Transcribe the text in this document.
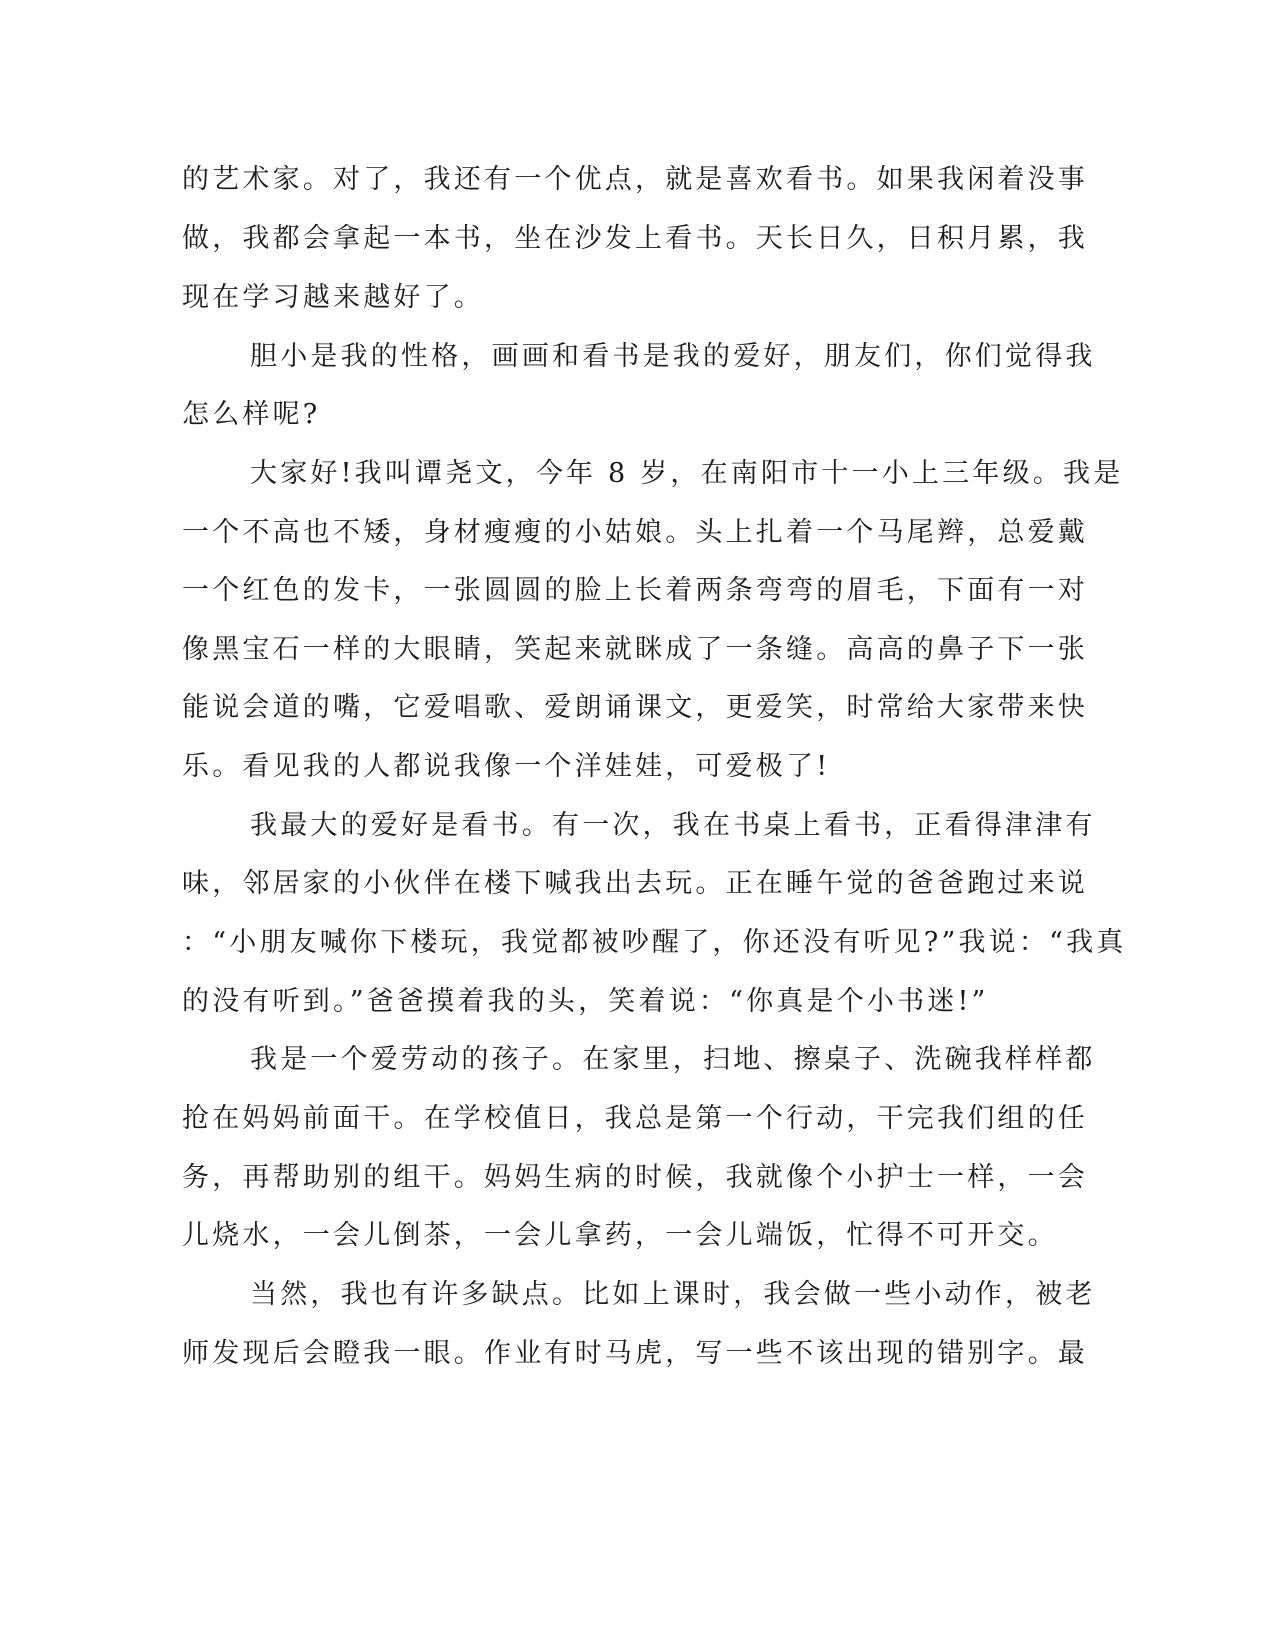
的艺术家。对了，我还有一个优点，就是喜欢看书。如果我闲着没事

做，我都会拿起一本书，坐在沙发上看书。天长日久，日积月累，我

现在学习越来越好了。

胆小是我的性格，画画和看书是我的爱好，朋友们，你们觉得我

怎么样呢?

大家好!我叫谭尧文，今年 8 岁，在南阳市十一小上三年级。我是

一个不高也不矮，身材瘦瘦的小姑娘。头上扎着一个马尾辫，总爱戴

一个红色的发卡，一张圆圆的脸上长着两条弯弯的眉毛，下面有一对

像黑宝石一样的大眼睛，笑起来就眯成了一条缝。高高的鼻子下一张

能说会道的嘴，它爱唱歌、爱朗诵课文，更爱笑，时常给大家带来快

乐。看见我的人都说我像一个洋娃娃，可爱极了!

我最大的爱好是看书。有一次，我在书桌上看书，正看得津津有

味，邻居家的小伙伴在楼下喊我出去玩。正在睡午觉的爸爸跑过来说

：“小朋友喊你下楼玩，我觉都被吵醒了，你还没有听见?”我说：“我真

的没有听到。”爸爸摸着我的头，笑着说：“你真是个小书迷!”

我是一个爱劳动的孩子。在家里，扫地、擦桌子、洗碗我样样都

抢在妈妈前面干。在学校值日，我总是第一个行动，干完我们组的任

务，再帮助别的组干。妈妈生病的时候，我就像个小护士一样，一会

儿烧水，一会儿倒茶，一会儿拿药，一会儿端饭，忙得不可开交。

当然，我也有许多缺点。比如上课时，我会做一些小动作，被老

师发现后会瞪我一眼。作业有时马虎，写一些不该出现的错别字。最
